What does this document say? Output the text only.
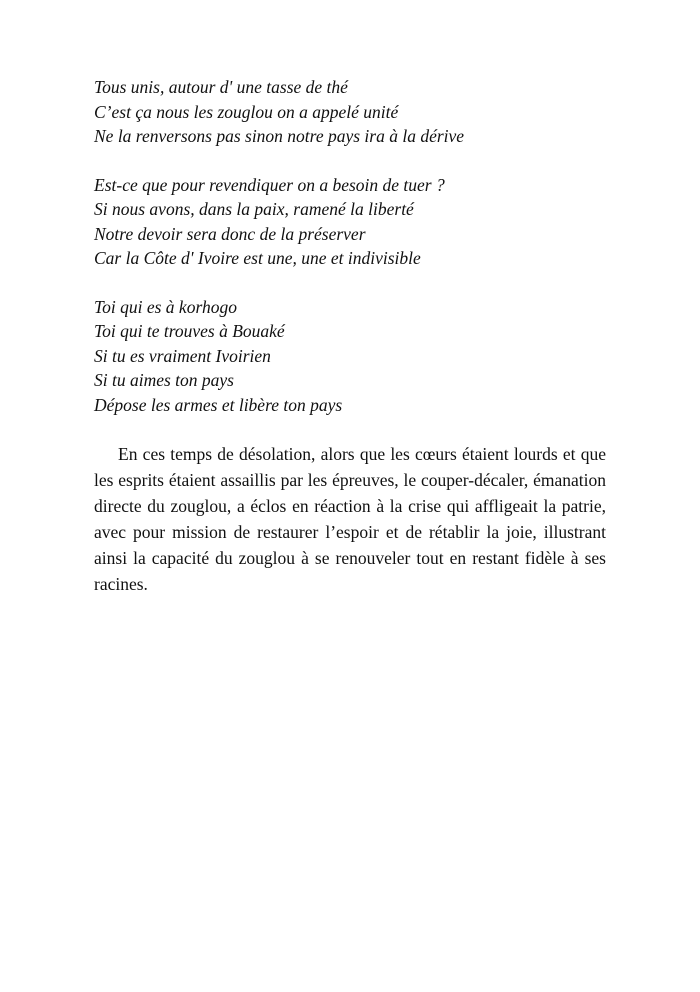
Tous unis, autour d' une tasse de thé
C’est ça nous les zouglou on a appelé unité
Ne la renversons pas sinon notre pays ira à la dérive
Est-ce que pour revendiquer on a besoin de tuer ?
Si nous avons, dans la paix, ramené la liberté
Notre devoir sera donc de la préserver
Car la Côte d' Ivoire est une, une et indivisible
Toi qui es à korhogo
Toi qui te trouves à Bouaké
Si tu es vraiment Ivoirien
Si tu aimes ton pays
Dépose les armes et libère ton pays

En ces temps de désolation, alors que les cœurs étaient lourds et que les esprits étaient assaillis par les épreuves, le couper-décaler, émanation directe du zouglou, a éclos en réaction à la crise qui affligeait la patrie, avec pour mission de restaurer l’espoir et de rétablir la joie, illustrant ainsi la capacité du zouglou à se renouveler tout en restant fidèle à ses racines.
